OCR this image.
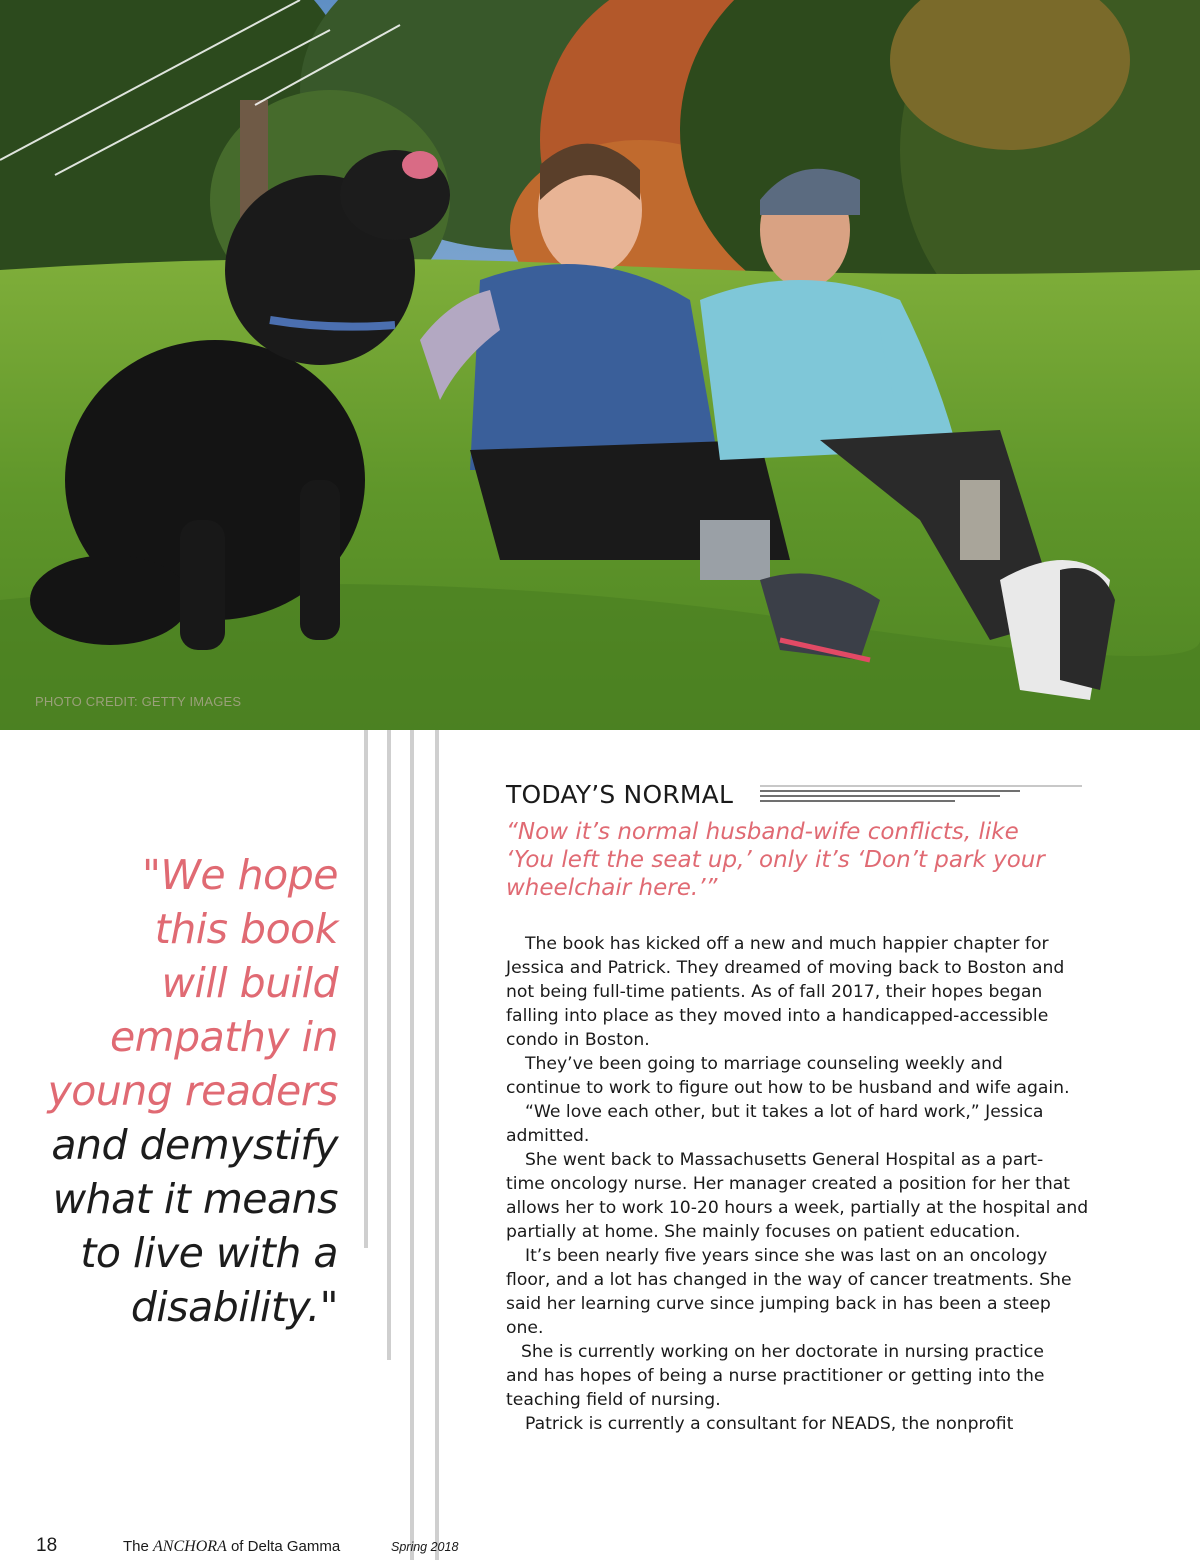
PHOTO CREDIT: GETTY IMAGES
"We hope
this book
will build
empathy in
young readers
and demystify
what it means
to live with a
disability."
TODAY’S NORMAL
“Now it’s normal husband-wife conflicts, like
‘You left the seat up,’ only it’s ‘Don’t park your
wheelchair here.’”
The book has kicked off a new and much happier chapter for
Jessica and Patrick. They dreamed of moving back to Boston and
not being full-time patients. As of fall 2017, their hopes began
falling into place as they moved into a handicapped-accessible
condo in Boston.
They’ve been going to marriage counseling weekly and
continue to work to figure out how to be husband and wife again.
“We love each other, but it takes a lot of hard work,” Jessica
admitted.
She went back to Massachusetts General Hospital as a part-
time oncology nurse. Her manager created a position for her that
allows her to work 10-20 hours a week, partially at the hospital and
partially at home. She mainly focuses on patient education.
It’s been nearly five years since she was last on an oncology
floor, and a lot has changed in the way of cancer treatments. She
said her learning curve since jumping back in has been a steep
one.
She is currently working on her doctorate in nursing practice
and has hopes of being a nurse practitioner or getting into the
teaching field of nursing.
Patrick is currently a consultant for NEADS, the nonprofit
18	The ANCHORA of Delta Gamma	Spring 2018
